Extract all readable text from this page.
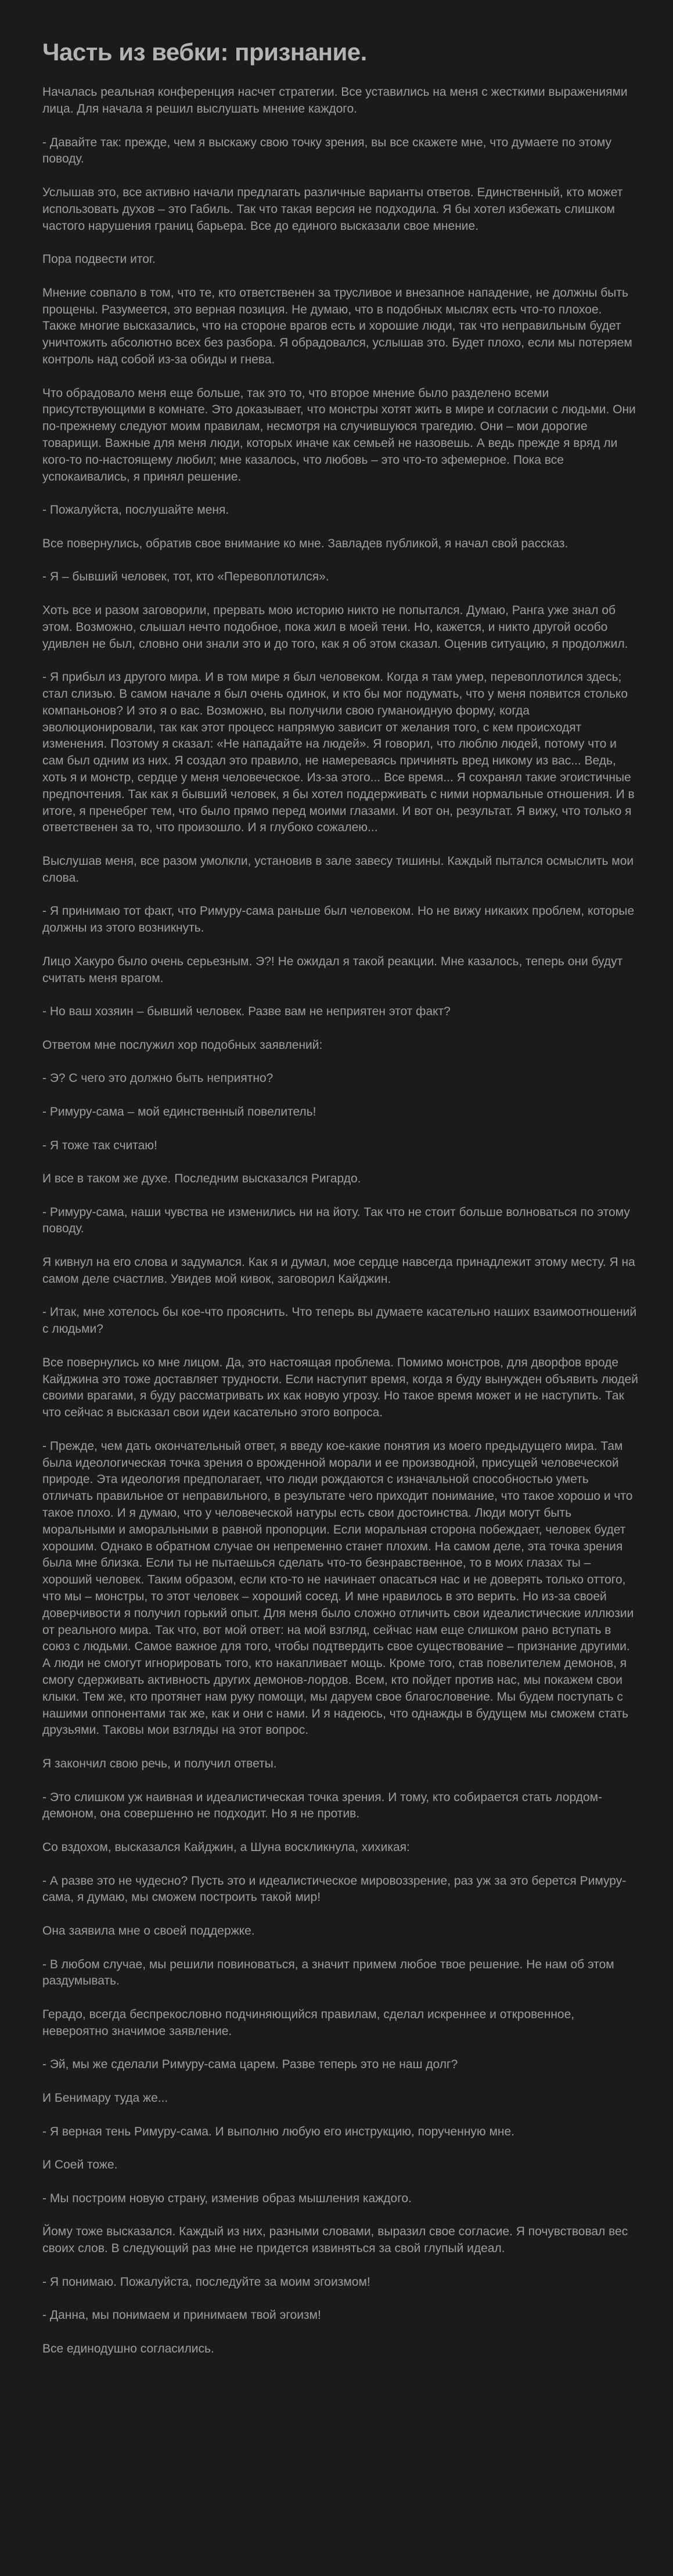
Часть из вебки: признание.

Началась реальная конференция насчет стратегии. Все уставились на меня с жесткими выражениями лица. Для начала я решил выслушать мнение каждого.

- Давайте так: прежде, чем я выскажу свою точку зрения, вы все скажете мне, что думаете по этому поводу.

Услышав это, все активно начали предлагать различные варианты ответов. Единственный, кто может использовать духов – это Габиль. Так что такая версия не подходила. Я бы хотел избежать слишком частого нарушения границ барьера. Все до единого высказали свое мнение.

Пора подвести итог.

Мнение совпало в том, что те, кто ответственен за трусливое и внезапное нападение, не должны быть прощены. Разумеется, это верная позиция. Не думаю, что в подобных мыслях есть что-то плохое. Также многие высказались, что на стороне врагов есть и хорошие люди, так что неправильным будет уничтожить абсолютно всех без разбора. Я обрадовался, услышав это. Будет плохо, если мы потеряем контроль над собой из-за обиды и гнева.

Что обрадовало меня еще больше, так это то, что второе мнение было разделено всеми присутствующими в комнате. Это доказывает, что монстры хотят жить в мире и согласии с людьми. Они по-прежнему следуют моим правилам, несмотря на случившуюся трагедию. Они – мои дорогие товарищи. Важные для меня люди, которых иначе как семьей не назовешь. А ведь прежде я вряд ли кого-то по-настоящему любил; мне казалось, что любовь – это что-то эфемерное. Пока все успокаивались, я принял решение.

- Пожалуйста, послушайте меня.

Все повернулись, обратив свое внимание ко мне. Завладев публикой, я начал свой рассказ.

- Я – бывший человек, тот, кто «Перевоплотился».

Хоть все и разом заговорили, прервать мою историю никто не попытался. Думаю, Ранга уже знал об этом. Возможно, слышал нечто подобное, пока жил в моей тени. Но, кажется, и никто другой особо удивлен не был, словно они знали это и до того, как я об этом сказал. Оценив ситуацию, я продолжил.

- Я прибыл из другого мира. И в том мире я был человеком. Когда я там умер, перевоплотился здесь; стал слизью. В самом начале я был очень одинок, и кто бы мог подумать, что у меня появится столько компаньонов? И это я о вас. Возможно, вы получили свою гуманоидную форму, когда эволюционировали, так как этот процесс напрямую зависит от желания того, с кем происходят изменения. Поэтому я сказал: «Не нападайте на людей». Я говорил, что люблю людей, потому что и сам был одним из них. Я создал это правило, не намереваясь причинять вред никому из вас... Ведь, хоть я и монстр, сердце у меня человеческое. Из-за этого... Все время... Я сохранял такие эгоистичные предпочтения. Так как я бывший человек, я бы хотел поддерживать с ними нормальные отношения. И в итоге, я пренебрег тем, что было прямо перед моими глазами. И вот он, результат. Я вижу, что только я ответственен за то, что произошло. И я глубоко сожалею...

Выслушав меня, все разом умолкли, установив в зале завесу тишины. Каждый пытался осмыслить мои слова.

- Я принимаю тот факт, что Римуру-сама раньше был человеком. Но не вижу никаких проблем, которые должны из этого возникнуть.

Лицо Хакуро было очень серьезным. Э?! Не ожидал я такой реакции. Мне казалось, теперь они будут считать меня врагом.

- Но ваш хозяин – бывший человек. Разве вам не неприятен этот факт?

Ответом мне послужил хор подобных заявлений:

- Э? С чего это должно быть неприятно?

- Римуру-сама – мой единственный повелитель!

- Я тоже так считаю!

И все в таком же духе. Последним высказался Ригардо.

- Римуру-сама, наши чувства не изменились ни на йоту. Так что не стоит больше волноваться по этому поводу.

Я кивнул на его слова и задумался. Как я и думал, мое сердце навсегда принадлежит этому месту. Я на самом деле счастлив. Увидев мой кивок, заговорил Кайджин.

- Итак, мне хотелось бы кое-что прояснить. Что теперь вы думаете касательно наших взаимоотношений с людьми?

Все повернулись ко мне лицом. Да, это настоящая проблема. Помимо монстров, для дворфов вроде Кайджина это тоже доставляет трудности. Если наступит время, когда я буду вынужден объявить людей своими врагами, я буду рассматривать их как новую угрозу. Но такое время может и не наступить. Так что сейчас я высказал свои идеи касательно этого вопроса.

- Прежде, чем дать окончательный ответ, я введу кое-какие понятия из моего предыдущего мира. Там была идеологическая точка зрения о врожденной морали и ее производной, присущей человеческой природе. Эта идеология предполагает, что люди рождаются с изначальной способностью уметь отличать правильное от неправильного, в результате чего приходит понимание, что такое хорошо и что такое плохо. И я думаю, что у человеческой натуры есть свои достоинства. Люди могут быть моральными и аморальными в равной пропорции. Если моральная сторона побеждает, человек будет хорошим. Однако в обратном случае он непременно станет плохим. На самом деле, эта точка зрения была мне близка. Если ты не пытаешься сделать что-то безнравственное, то в моих глазах ты – хороший человек. Таким образом, если кто-то не начинает опасаться нас и не доверять только оттого, что мы – монстры, то этот человек – хороший сосед. И мне нравилось в это верить. Но из-за своей доверчивости я получил горький опыт. Для меня было сложно отличить свои идеалистические иллюзии от реального мира. Так что, вот мой ответ: на мой взгляд, сейчас нам еще слишком рано вступать в союз с людьми. Самое важное для того, чтобы подтвердить свое существование – признание другими. А люди не смогут игнорировать того, кто накапливает мощь. Кроме того, став повелителем демонов, я смогу сдерживать активность других демонов-лордов. Всем, кто пойдет против нас, мы покажем свои клыки. Тем же, кто протянет нам руку помощи, мы даруем свое благословение. Мы будем поступать с нашими оппонентами так же, как и они с нами. И я надеюсь, что однажды в будущем мы сможем стать друзьями. Таковы мои взгляды на этот вопрос.

Я закончил свою речь, и получил ответы.

- Это слишком уж наивная и идеалистическая точка зрения. И тому, кто собирается стать лордом-демоном, она совершенно не подходит. Но я не против.

Со вздохом, высказался Кайджин, а Шуна воскликнула, хихикая:

- А разве это не чудесно? Пусть это и идеалистическое мировоззрение, раз уж за это берется Римуру-сама, я думаю, мы сможем построить такой мир!

Она заявила мне о своей поддержке.

- В любом случае, мы решили повиноваться, а значит примем любое твое решение. Не нам об этом раздумывать.

Герадо, всегда беспрекословно подчиняющийся правилам, сделал искреннее и откровенное, невероятно значимое заявление.

- Эй, мы же сделали Римуру-сама царем. Разве теперь это не наш долг?

И Бенимару туда же...

- Я верная тень Римуру-сама. И выполню любую его инструкцию, порученную мне.

И Соей тоже.

- Мы построим новую страну, изменив образ мышления каждого.

Йому тоже высказался. Каждый из них, разными словами, выразил свое согласие. Я почувствовал вес своих слов. В следующий раз мне не придется извиняться за свой глупый идеал.

- Я понимаю. Пожалуйста, последуйте за моим эгоизмом!

- Данна, мы понимаем и принимаем твой эгоизм!

Все единодушно согласились.
